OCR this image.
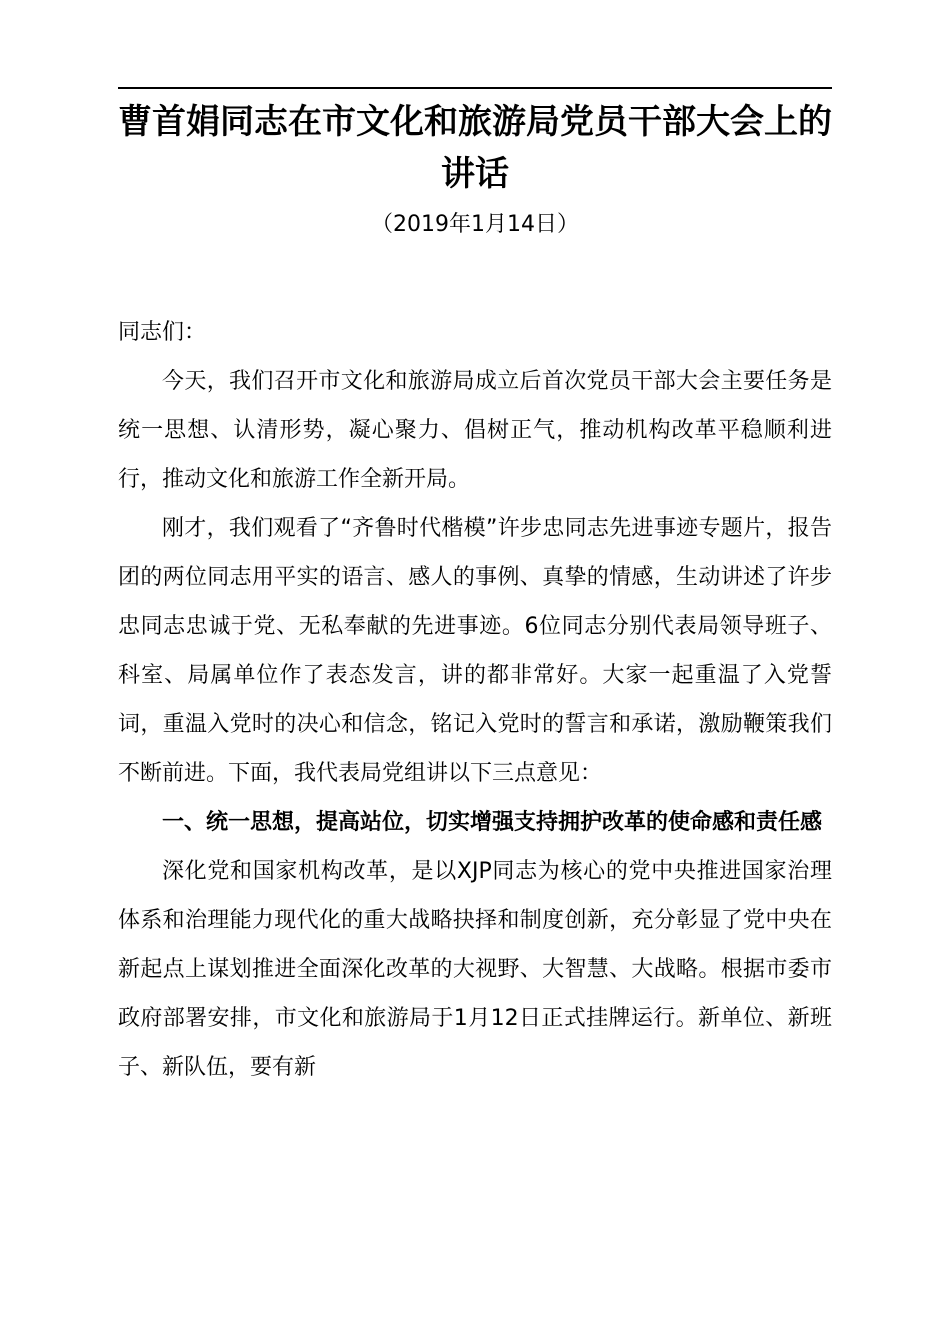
曹首娟同志在市文化和旅游局党员干部大会上的讲话
（2019年1月14日）

同志们：

今天，我们召开市文化和旅游局成立后首次党员干部大会主要任务是统一思想、认清形势，凝心聚力、倡树正气，推动机构改革平稳顺利进行，推动文化和旅游工作全新开局。

刚才，我们观看了“齐鲁时代楷模”许步忠同志先进事迹专题片，报告团的两位同志用平实的语言、感人的事例、真挚的情感，生动讲述了许步忠同志忠诚于党、无私奉献的先进事迹。6位同志分别代表局领导班子、科室、局属单位作了表态发言，讲的都非常好。大家一起重温了入党誓词，重温入党时的决心和信念，铭记入党时的誓言和承诺，激励鞭策我们不断前进。下面，我代表局党组讲以下三点意见：

一、统一思想，提高站位，切实增强支持拥护改革的使命感和责任感

深化党和国家机构改革，是以XJP同志为核心的党中央推进国家治理体系和治理能力现代化的重大战略抉择和制度创新，充分彰显了党中央在新起点上谋划推进全面深化改革的大视野、大智慧、大战略。根据市委市政府部署安排，市文化和旅游局于1月12日正式挂牌运行。新单位、新班子、新队伍，要有新
